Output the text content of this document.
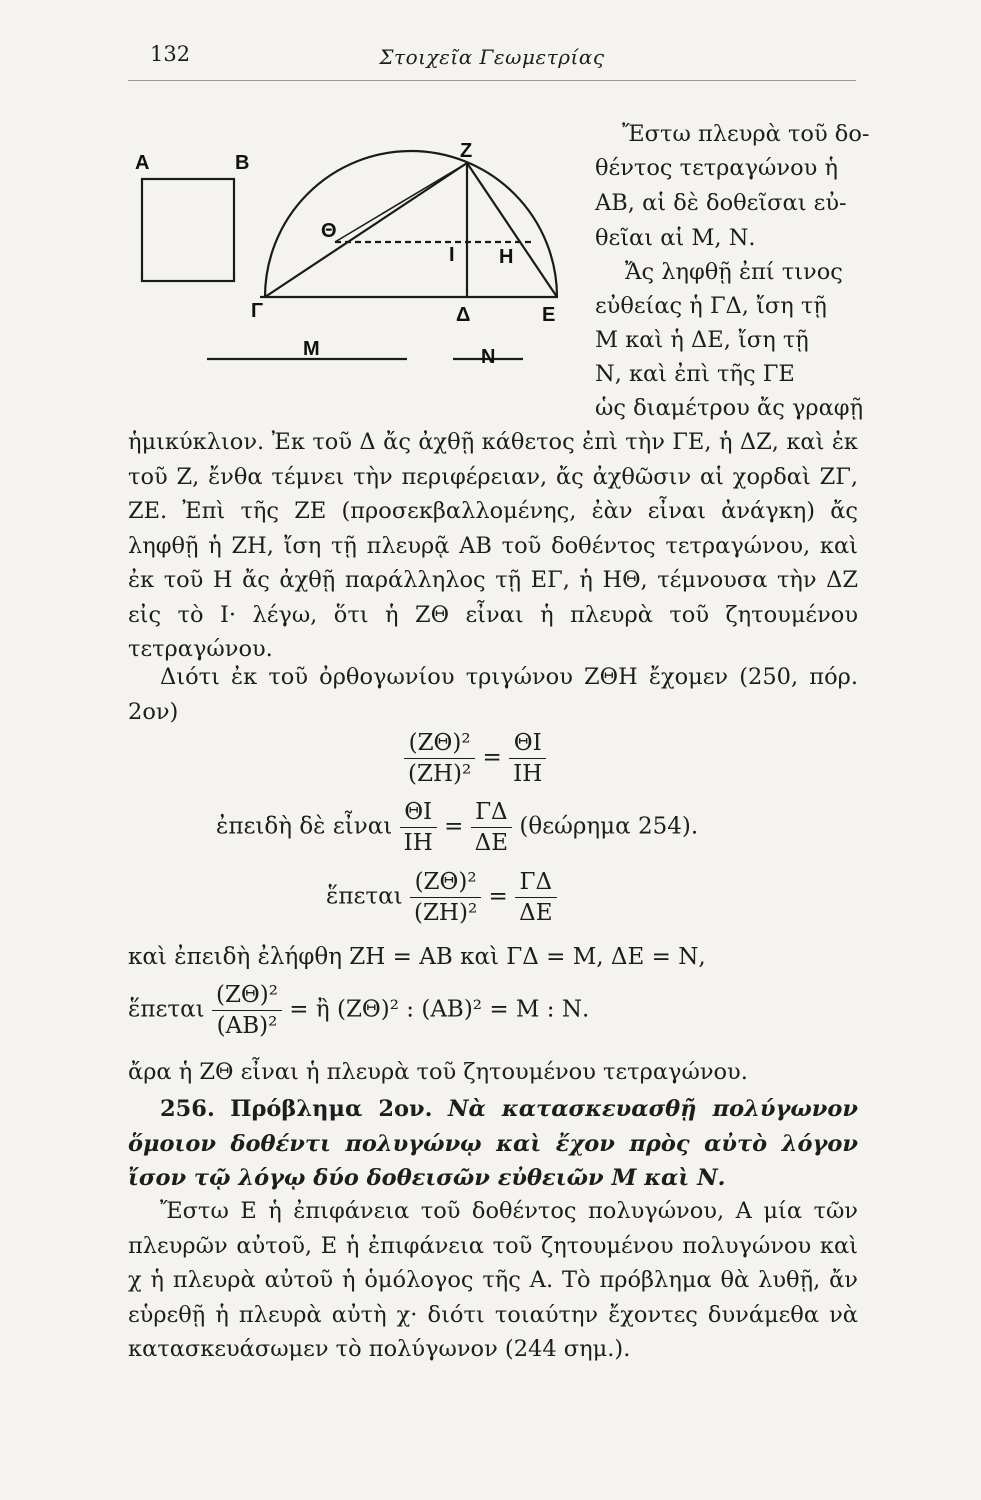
132	Στοιχεῖα Γεωμετρίας
A	B
Z
Θ
I H
Γ	Δ	E
M	N
Ἔστω πλευρὰ τοῦ δο-
θέντος τετραγώνου ἡ
ΑΒ, αἱ δὲ δοθεῖσαι εὐ-
θεῖαι αἱ Μ, Ν.
Ἄς ληφθῇ ἐπί τινος
εὐθείας ἡ ΓΔ, ἴση τῇ
Μ καὶ ἡ ΔΕ, ἴση τῇ
Ν, καὶ ἐπὶ τῆς ΓΕ
ὡς διαμέτρου ἄς γραφῇ
ἡμικύκλιον. Ἐκ τοῦ Δ ἄς ἀχθῇ κάθετος ἐπὶ τὴν ΓΕ, ἡ ΔΖ, καὶ ἐκ τοῦ Ζ, ἔνθα τέμνει τὴν περιφέρειαν, ἄς ἀχθῶσιν αἱ χορδαὶ ΖΓ, ΖΕ. Ἐπὶ τῆς ΖΕ (προσεκβαλλομένης, ἐὰν εἶναι ἀνάγκη) ἄς ληφθῇ ἡ ΖΗ, ἴση τῇ πλευρᾷ ΑΒ τοῦ δοθέντος τετραγώνου, καὶ ἐκ τοῦ Η ἄς ἀχθῇ παράλληλος τῇ ΕΓ, ἡ ΗΘ, τέμνουσα τὴν ΔΖ εἰς τὸ Ι· λέγω, ὅτι ἡ ΖΘ εἶναι ἡ πλευρὰ τοῦ ζητουμένου τετραγώνου.
Διότι ἐκ τοῦ ὀρθογωνίου τριγώνου ΖΘΗ ἔχομεν (250, πόρ. 2ον)
$\frac{\text{(ΖΘ)²}}{\text{(ΖΗ)²}} = \frac{\Theta I}{IH}$
ἐπειδὴ δὲ εἶναι $\frac{\Theta I}{IH} = \frac{\Gamma\Delta}{\Delta E} (\theta\varepsilon ώ\rho\eta\mu\alpha$ 254).
ἕπεται $\frac{\text{(ΖΘ)²}}{\text{(ΖΗ)²}} = \frac{\Gamma\Delta}{\Delta E}$
καὶ ἐπειδὴ ἐλήφθη ΖΗ = ΑΒ καὶ ΓΔ = Μ, ΔΕ = Ν,
ἕπεται $\frac{\text{(ΖΘ)²}}{\text{(ΑΒ)²}}$ = ἢ (ΖΘ)² : (ΑΒ)² = Μ : Ν.
ἄρα ἡ ΖΘ εἶναι ἡ πλευρὰ τοῦ ζητουμένου τετραγώνου.
256. Πρόβλημα 2ον. Νὰ κατασκευασθῇ πολύγωνον ὅμοιον δοθέντι πολυγώνῳ καὶ ἔχον πρὸς αὐτὸ λόγον ἴσον τῷ λόγῳ δύο δοθεισῶν εὐθειῶν Μ καὶ Ν.
Ἔστω Ε ἡ ἐπιφάνεια τοῦ δοθέντος πολυγώνου, Α μία τῶν πλευρῶν αὐτοῦ, Ε ἡ ἐπιφάνεια τοῦ ζητουμένου πολυγώνου καὶ χ ἡ πλευρὰ αὐτοῦ ἡ ὁμόλογος τῆς Α. Τὸ πρόβλημα θὰ λυθῇ, ἄν εὑρεθῇ ἡ πλευρὰ αὐτὴ χ· διότι τοιαύτην ἔχοντες δυνάμεθα νὰ κατασκευάσωμεν τὸ πολύγωνον (244 σημ.).
